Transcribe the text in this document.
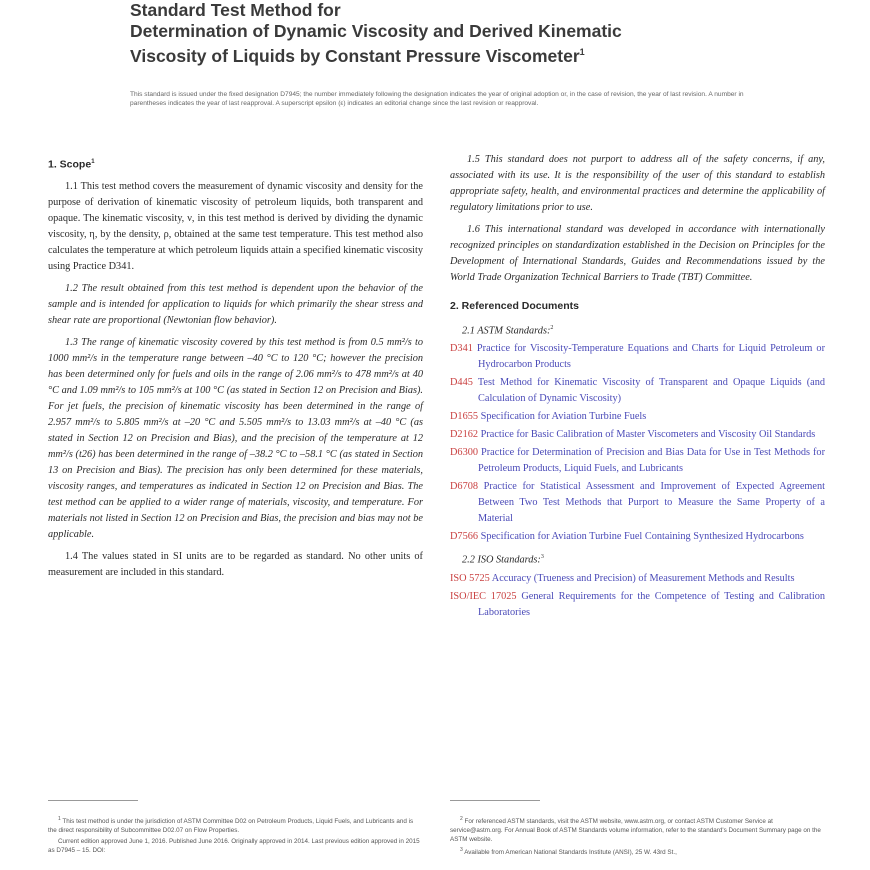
Standard Test Method for
Determination of Dynamic Viscosity and Derived Kinematic
Viscosity of Liquids by Constant Pressure Viscometer$^1$
This standard is issued under the fixed designation D7945; the number immediately following the designation indicates the year of original adoption or, in the case of revision, the year of last revision. A number in parentheses indicates the year of last reapproval. A superscript epsilon (ε) indicates an editorial change since the last revision or reapproval.
1. Scope$^1$

1.1 This test method covers the measurement of dynamic viscosity and density for the purpose of derivation of kinematic viscosity of petroleum liquids, both transparent and opaque. The kinematic viscosity, ν, in this test method is derived by dividing the dynamic viscosity, η, by the density, ρ, obtained at the same test temperature. This test method also calculates the temperature at which petroleum liquids attain a specified kinematic viscosity using Practice D341.

1.2 The result obtained from this test method is dependent upon the behavior of the sample and is intended for application to liquids for which primarily the shear stress and shear rate are proportional (Newtonian flow behavior).

1.3 The range of kinematic viscosity covered by this test method is from 0.5 mm²/s to 1000 mm²/s in the temperature range between –40 °C to 120 °C; however the precision has been determined only for fuels and oils in the range of 2.06 mm²/s to 478 mm²/s at 40 °C and 1.09 mm²/s to 105 mm²/s at 100 °C (as stated in Section 12 on Precision and Bias). For jet fuels, the precision of kinematic viscosity has been determined in the range of 2.957 mm²/s to 5.805 mm²/s at –20 °C and 5.505 mm²/s to 13.03 mm²/s at –40 °C (as stated in Section 12 on Precision and Bias), and the precision of the temperature at 12 mm²/s (t26) has been determined in the range of –38.2 °C to –58.1 °C (as stated in Section 13 on Precision and Bias). The precision has only been determined for these materials, viscosity ranges, and temperatures as indicated in Section 12 on Precision and Bias. The test method can be applied to a wider range of materials, viscosity, and temperature. For materials not listed in Section 12 on Precision and Bias, the precision and bias may not be applicable.

1.4 The values stated in SI units are to be regarded as standard. No other units of measurement are included in this standard.

1.5 This standard does not purport to address all of the safety concerns, if any, associated with its use. It is the responsibility of the user of this standard to establish appropriate safety, health, and environmental practices and determine the applicability of regulatory limitations prior to use.

1.6 This international standard was developed in accordance with internationally recognized principles on standardization established in the Decision on Principles for the Development of International Standards, Guides and Recommendations issued by the World Trade Organization Technical Barriers to Trade (TBT) Committee.

2. Referenced Documents
2.1 ASTM Standards:$^2$
D341 Practice for Viscosity-Temperature Equations and Charts for Liquid Petroleum or Hydrocarbon Products
D445 Test Method for Kinematic Viscosity of Transparent and Opaque Liquids (and Calculation of Dynamic Viscosity)
D1655 Specification for Aviation Turbine Fuels
D2162 Practice for Basic Calibration of Master Viscometers and Viscosity Oil Standards
D6300 Practice for Determination of Precision and Bias Data for Use in Test Methods for Petroleum Products, Liquid Fuels, and Lubricants
D6708 Practice for Statistical Assessment and Improvement of Expected Agreement Between Two Test Methods that Purport to Measure the Same Property of a Material
D7566 Specification for Aviation Turbine Fuel Containing Synthesized Hydrocarbons
2.2 ISO Standards:$^3$
ISO 5725 Accuracy (Trueness and Precision) of Measurement Methods and Results
ISO/IEC 17025 General Requirements for the Competence of Testing and Calibration Laboratories

$^1$ This test method is under the jurisdiction of ASTM Committee D02 on Petroleum Products, Liquid Fuels, and Lubricants and is the direct responsibility of Subcommittee D02.07 on Flow Properties.

Current edition approved June 1, 2016. Published June 2016. Originally approved in 2014. Last previous edition approved in 2015 as D7945 – 15. DOI:

$^2$ For referenced ASTM standards, visit the ASTM website, www.astm.org, or contact ASTM Customer Service at service@astm.org. For Annual Book of ASTM Standards volume information, refer to the standard's Document Summary page on the ASTM website.

$^3$ Available from American National Standards Institute (ANSI), 25 W. 43rd St.,
